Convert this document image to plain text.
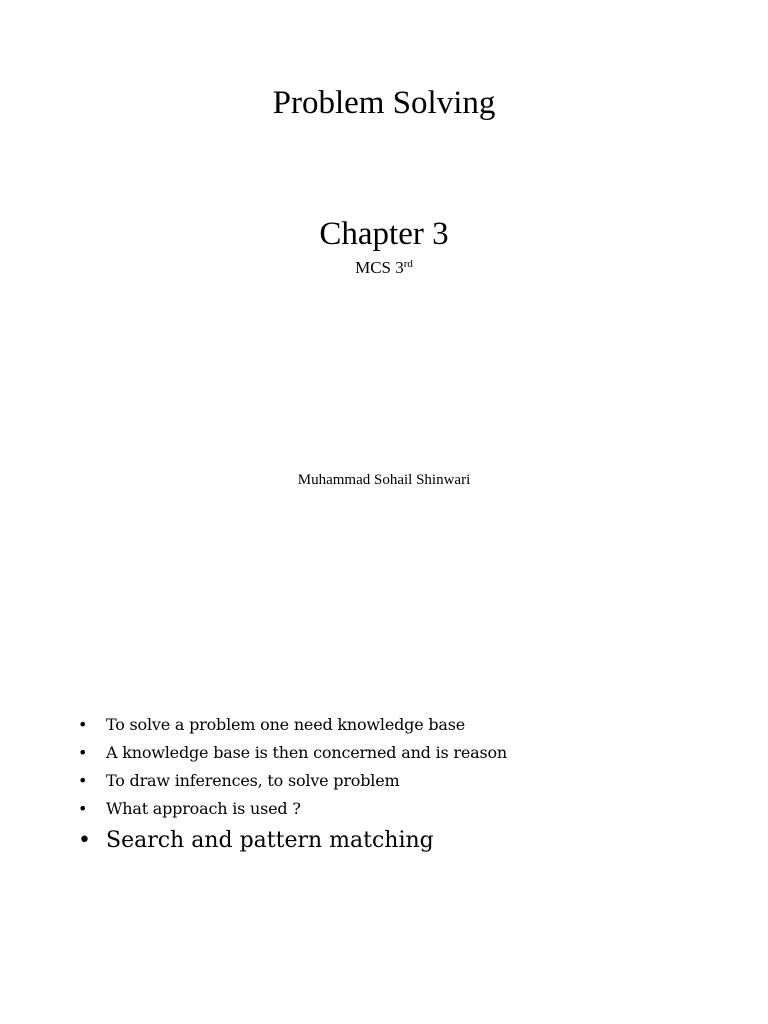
Problem Solving
Chapter 3
MCS 3rd
Muhammad Sohail Shinwari
• To solve a problem one need knowledge base
• A knowledge base is then concerned and is reason
• To draw inferences, to solve problem
• What approach is used ?
• Search and pattern matching
